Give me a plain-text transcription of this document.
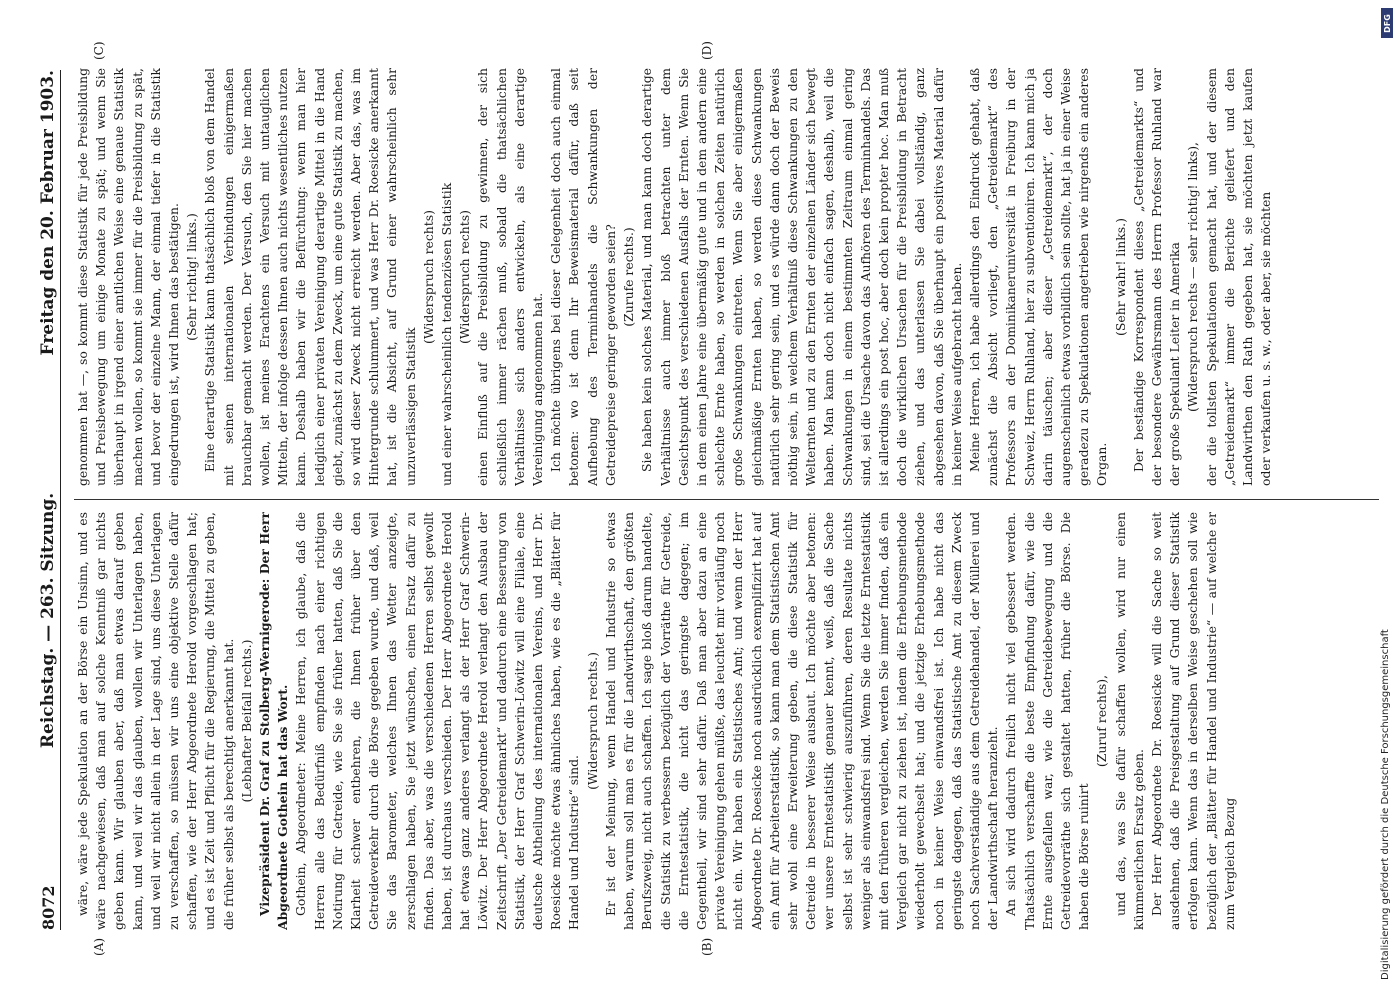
8072
Reichstag. — 263. Sitzung.
Freitag den 20. Februar 1903.
(A)	(B)
(C)	(D)

wäre, wäre jede Spekulation an der Börse ein Unsinn, und es wäre nachgewiesen, daß man auf solche Kenntniß gar nichts geben kann. Wir glauben aber, daß man etwas darauf geben kann, und weil wir das glauben, wollen wir Unterlagen haben, und weil wir nicht allein in der Lage sind, uns diese Unterlagen zu verschaffen, so müssen wir uns eine objektive Stelle dafür schaffen, wie der Herr Abgeordnete Herold vorgeschlagen hat; und es ist Zeit und Pflicht für die Regierung, die Mittel zu geben, die früher selbst als berechtigt anerkannt hat. (Lebhafter Beifall rechts.) Vizepräsident Dr. Graf zu Stolberg-Wernigerode: Der Herr Abgeordnete Gothein hat das Wort. Gothein, Abgeordneter: Meine Herren, ich glaube, daß die Herren alle das Bedürfniß empfinden nach einer richtigen Notirung für Getreide, wie Sie sie früher hatten, daß Sie die Klarheit schwer entbehren, die Ihnen früher über den Getreideverkehr durch die Börse gegeben wurde, und daß, weil Sie das Barometer, welches Ihnen das Wetter anzeigte, zerschlagen haben, Sie jetzt wünschen, einen Ersatz dafür zu finden. Das aber, was die verschiedenen Herren selbst gewollt haben, ist durchaus verschieden. Der Herr Abgeordnete Herold hat etwas ganz anderes verlangt als der Herr Graf Schwerin-Löwitz. Der Herr Abgeordnete Herold verlangt den Ausbau der Zeitschrift „Der Getreidemarkt“ und dadurch eine Besserung von Statistik, der Herr Graf Schwerin-Löwitz will eine Filiale, eine deutsche Abtheilung des internationalen Vereins, und Herr Dr. Roesicke möchte etwas ähnliches haben, wie es die „Blätter für Handel und Industrie“ sind.

(Widerspruch rechts.) Er ist der Meinung, wenn Handel und Industrie so etwas haben, warum soll man es für die Landwirthschaft, den größten Berufszweig, nicht auch schaffen. Ich sage bloß darum handelte, die Statistik zu verbessern bezüglich der Vorräthe für Getreide, die Erntestatistik, die nicht das geringste dagegen; im Gegentheil, wir sind sehr dafür. Daß man aber dazu an eine private Vereinigung gehen müßte, das leuchtet mir vorläufig noch nicht ein. Wir haben ein Statistisches Amt; und wenn der Herr Abgeordnete Dr. Roesicke noch ausdrücklich exemplifizirt hat auf ein Amt für Arbeiterstatistik, so kann man dem Statistischen Amt sehr wohl eine Erweiterung geben, die diese Statistik für Getreide in besserer Weise ausbaut. Ich möchte aber betonen: wer unsere Erntestatistik genauer kennt, weiß, daß die Sache selbst ist sehr schwierig auszuführen, deren Resultate nichts weniger als einwandsfrei sind. Wenn Sie die letzte Erntestatistik mit den früheren vergleichen, werden Sie immer finden, daß ein Vergleich gar nicht zu ziehen ist, indem die Erhebungsmethode wiederholt gewechselt hat; und die jetzige Erhebungsmethode noch in keiner Weise einwandsfrei ist. Ich habe nicht das geringste dagegen, daß das Statistische Amt zu diesem Zweck noch Sachverständige aus dem Getreidehandel, der Müllerei und der Landwirthschaft heranzieht. An sich wird dadurch freilich nicht viel gebessert werden. Thatsächlich verschaffte die beste Empfindung dafür, wie die Ernte ausgefallen war, wie die Getreidebewegung und die Getreidevorräthe sich gestaltet hatten, früher die Börse. Die haben die Börse ruinirt

(Zuruf rechts), und das, was Sie dafür schaffen wollen, wird nur einen kümmerlichen Ersatz geben. Der Herr Abgeordnete Dr. Roesicke will die Sache so weit ausdehnen, daß die Preisgestaltung auf Grund dieser Statistik erfolgen kann. Wenn das in derselben Weise geschehen soll wie bezüglich der „Blätter für Handel und Industrie“ — auf welche er zum Vergleich Bezug

genommen hat —, so kommt diese Statistik für jede Preisbildung und Preisbewegung um einige Monate zu spät; und wenn Sie überhaupt in irgend einer amtlichen Weise eine genaue Statistik machen wollen, so kommt sie immer für die Preisbildung zu spät, und bevor der einzelne Mann, der einmal tiefer in die Statistik eingedrungen ist, wird Ihnen das bestätigen. (Sehr richtig! links.) Eine derartige Statistik kann thatsächlich bloß von dem Handel mit seinen internationalen Verbindungen einigermaßen brauchbar gemacht werden. Der Versuch, den Sie hier machen wollen, ist meines Erachtens ein Versuch mit untauglichen Mitteln, der infolge dessen Ihnen auch nichts wesentliches nutzen kann. Deshalb haben wir die Befürchtung: wenn man hier lediglich einer privaten Vereinigung derartige Mittel in die Hand giebt, zunächst zu dem Zweck, um eine gute Statistik zu machen, so wird dieser Zweck nicht erreicht werden. Aber das, was im Hintergrunde schlummert, und was Herr Dr. Roesicke anerkannt hat, ist die Absicht, auf Grund einer wahrscheinlich sehr unzuverlässigen Statistik

(Widerspruch rechts) und einer wahrscheinlich tendenziösen Statistik (Widerspruch rechts) einen Einfluß auf die Preisbildung zu gewinnen, der sich schließlich immer rächen muß, sobald die thatsächlichen Verhältnisse sich anders entwickeln, als eine derartige Vereinigung angenommen hat. Ich möchte übrigens bei dieser Gelegenheit doch auch einmal betonen: wo ist denn Ihr Beweismaterial dafür, daß seit Aufhebung des Terminhandels die Schwankungen der Getreidepreise geringer geworden seien? (Zurufe rechts.) Sie haben kein solches Material, und man kann doch derartige Verhältnisse auch immer bloß betrachten unter dem Gesichtspunkt des verschiedenen Ausfalls der Ernten. Wenn Sie in dem einen Jahre eine übermäßig gute und in dem andern eine schlechte Ernte haben, so werden in solchen Zeiten natürlich große Schwankungen eintreten. Wenn Sie aber einigermaßen gleichmäßige Ernten haben, so werden diese Schwankungen natürlich sehr gering sein, und es würde dann doch der Beweis nöthig sein, in welchem Verhältniß diese Schwankungen zu den Welternten und zu den Ernten der einzelnen Länder sich bewegt haben. Man kann doch nicht einfach sagen, deshalb, weil die Schwankungen in einem bestimmten Zeitraum einmal gering sind, sei die Ursache davon das Aufhören des Terminhandels. Das ist allerdings ein post hoc, aber doch kein propter hoc. Man muß doch die wirklichen Ursachen für die Preisbildung in Betracht ziehen, und das unterlassen Sie dabei vollständig, ganz abgesehen davon, daß Sie überhaupt ein positives Material dafür in keiner Weise aufgebracht haben. Meine Herren, ich habe allerdings den Eindruck gehabt, daß zunächst die Absicht vorliegt, den „Getreidemarkt“ des Professors an der Dominikaneruniversität in Freiburg in der Schweiz, Herrn Ruhland, hier zu subventioniren. Ich kann mich ja darin täuschen; aber dieser „Getreidemarkt“, der doch augenscheinlich etwas vorbildlich sein sollte, hat ja in einer Weise geradezu zu Spekulationen angetrieben wie nirgends ein anderes Organ.

(Sehr wahr! links.) Der beständige Korrespondent dieses „Getreidemarkts“ und der besondere Gewährsmann des Herrn Professor Ruhland war der große Spekulant Leiter in Amerika (Widerspruch rechts — sehr richtig! links), der die tollsten Spekulationen gemacht hat, und der diesem „Getreidemarkt“ immer die Berichte geliefert und den Landwirthen den Rath gegeben hat, sie möchten jetzt kaufen oder verkaufen u. s. w., oder aber, sie möchten

Digitalisierung gefördert durch die Deutsche Forschungsgemeinschaft
DFG
